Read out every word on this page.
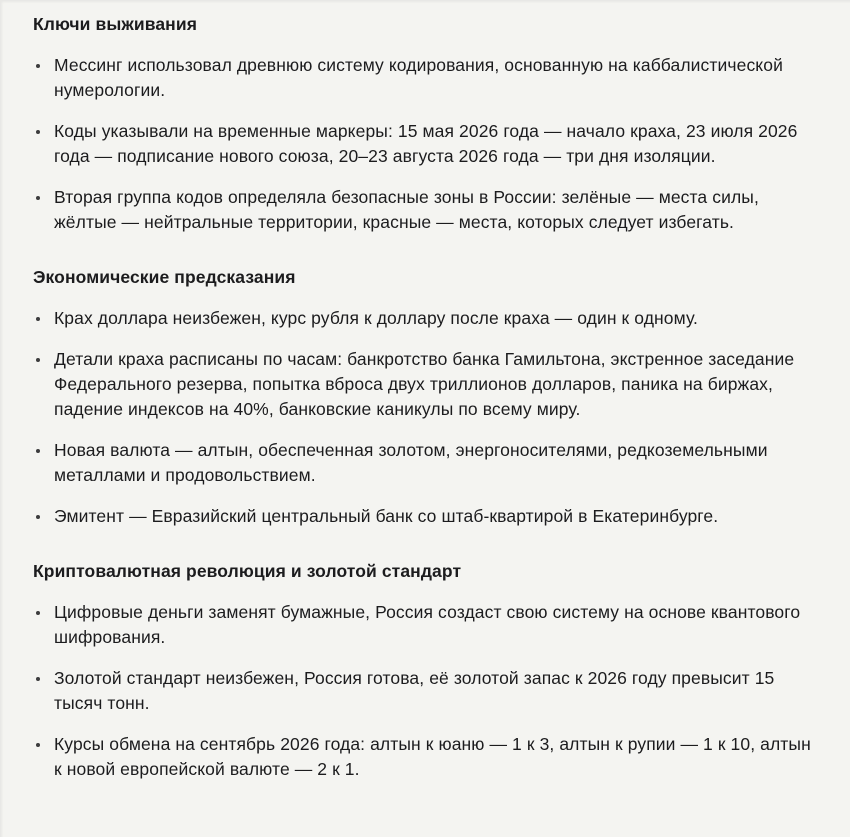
Ключи выживания
Мессинг использовал древнюю систему кодирования, основанную на каббалистической нумерологии.
Коды указывали на временные маркеры: 15 мая 2026 года — начало краха, 23 июля 2026 года — подписание нового союза, 20–23 августа 2026 года — три дня изоляции.
Вторая группа кодов определяла безопасные зоны в России: зелёные — места силы, жёлтые — нейтральные территории, красные — места, которых следует избегать.
Экономические предсказания
Крах доллара неизбежен, курс рубля к доллару после краха — один к одному.
Детали краха расписаны по часам: банкротство банка Гамильтона, экстренное заседание Федерального резерва, попытка вброса двух триллионов долларов, паника на биржах, падение индексов на 40%, банковские каникулы по всему миру.
Новая валюта — алтын, обеспеченная золотом, энергоносителями, редкоземельными металлами и продовольствием.
Эмитент — Евразийский центральный банк со штаб-квартирой в Екатеринбурге.
Криптовалютная революция и золотой стандарт
Цифровые деньги заменят бумажные, Россия создаст свою систему на основе квантового шифрования.
Золотой стандарт неизбежен, Россия готова, её золотой запас к 2026 году превысит 15 тысяч тонн.
Курсы обмена на сентябрь 2026 года: алтын к юаню — 1 к 3, алтын к рупии — 1 к 10, алтын к новой европейской валюте — 2 к 1.
